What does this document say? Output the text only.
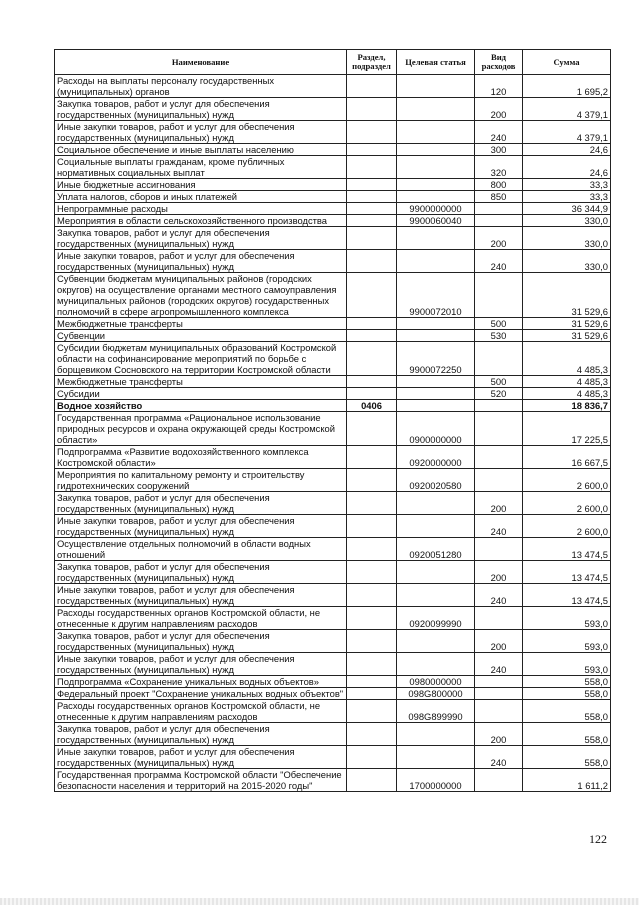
Наименование	Раздел, подраздел	Целевая статья	Вид расходов	Сумма
Расходы на выплаты персоналу государственных (муниципальных) органов			120	1 695,2
Закупка товаров, работ и услуг для обеспечения государственных (муниципальных) нужд			200	4 379,1
Иные закупки товаров, работ и услуг для обеспечения государственных (муниципальных) нужд			240	4 379,1
Социальное обеспечение и иные выплаты населению			300	24,6
Социальные выплаты гражданам, кроме публичных нормативных социальных выплат			320	24,6
Иные бюджетные ассигнования			800	33,3
Уплата налогов, сборов и иных платежей			850	33,3
Непрограммные расходы		9900000000		36 344,9
Мероприятия в области сельскохозяйственного производства		9900060040		330,0
Закупка товаров, работ и услуг для обеспечения государственных (муниципальных) нужд			200	330,0
Иные закупки товаров, работ и услуг для обеспечения государственных (муниципальных) нужд			240	330,0
Субвенции бюджетам муниципальных районов (городских округов) на осуществление органами местного самоуправления муниципальных районов (городских округов) государственных полномочий в сфере агропромышленного комплекса		9900072010		31 529,6
Межбюджетные трансферты			500	31 529,6
Субвенции			530	31 529,6
Субсидии бюджетам муниципальных образований Костромской области на софинансирование мероприятий по борьбе с борщевиком Сосновского на территории Костромской области		9900072250		4 485,3
Межбюджетные трансферты			500	4 485,3
Субсидии			520	4 485,3
Водное хозяйство	0406			18 836,7
Государственная программа «Рациональное использование природных ресурсов и охрана окружающей среды Костромской области»		0900000000		17 225,5
Подпрограмма «Развитие водохозяйственного комплекса Костромской области»		0920000000		16 667,5
Мероприятия по капитальному ремонту и строительству гидротехнических сооружений		0920020580		2 600,0
Закупка товаров, работ и услуг для обеспечения государственных (муниципальных) нужд			200	2 600,0
Иные закупки товаров, работ и услуг для обеспечения государственных (муниципальных) нужд			240	2 600,0
Осуществление отдельных полномочий в области водных отношений		0920051280		13 474,5
Закупка товаров, работ и услуг для обеспечения государственных (муниципальных) нужд			200	13 474,5
Иные закупки товаров, работ и услуг для обеспечения государственных (муниципальных) нужд			240	13 474,5
Расходы государственных органов Костромской области, не отнесенные к другим направлениям расходов		0920099990		593,0
Закупка товаров, работ и услуг для обеспечения государственных (муниципальных) нужд			200	593,0
Иные закупки товаров, работ и услуг для обеспечения государственных (муниципальных) нужд			240	593,0
Подпрограмма «Сохранение уникальных водных объектов»		0980000000		558,0
Федеральный проект "Сохранение уникальных водных объектов"		098G800000		558,0
Расходы государственных органов Костромской области, не отнесенные к другим направлениям расходов		098G899990		558,0
Закупка товаров, работ и услуг для обеспечения государственных (муниципальных) нужд			200	558,0
Иные закупки товаров, работ и услуг для обеспечения государственных (муниципальных) нужд			240	558,0
Государственная программа Костромской области "Обеспечение безопасности населения и территорий на 2015-2020 годы"		1700000000		1 611,2
122
